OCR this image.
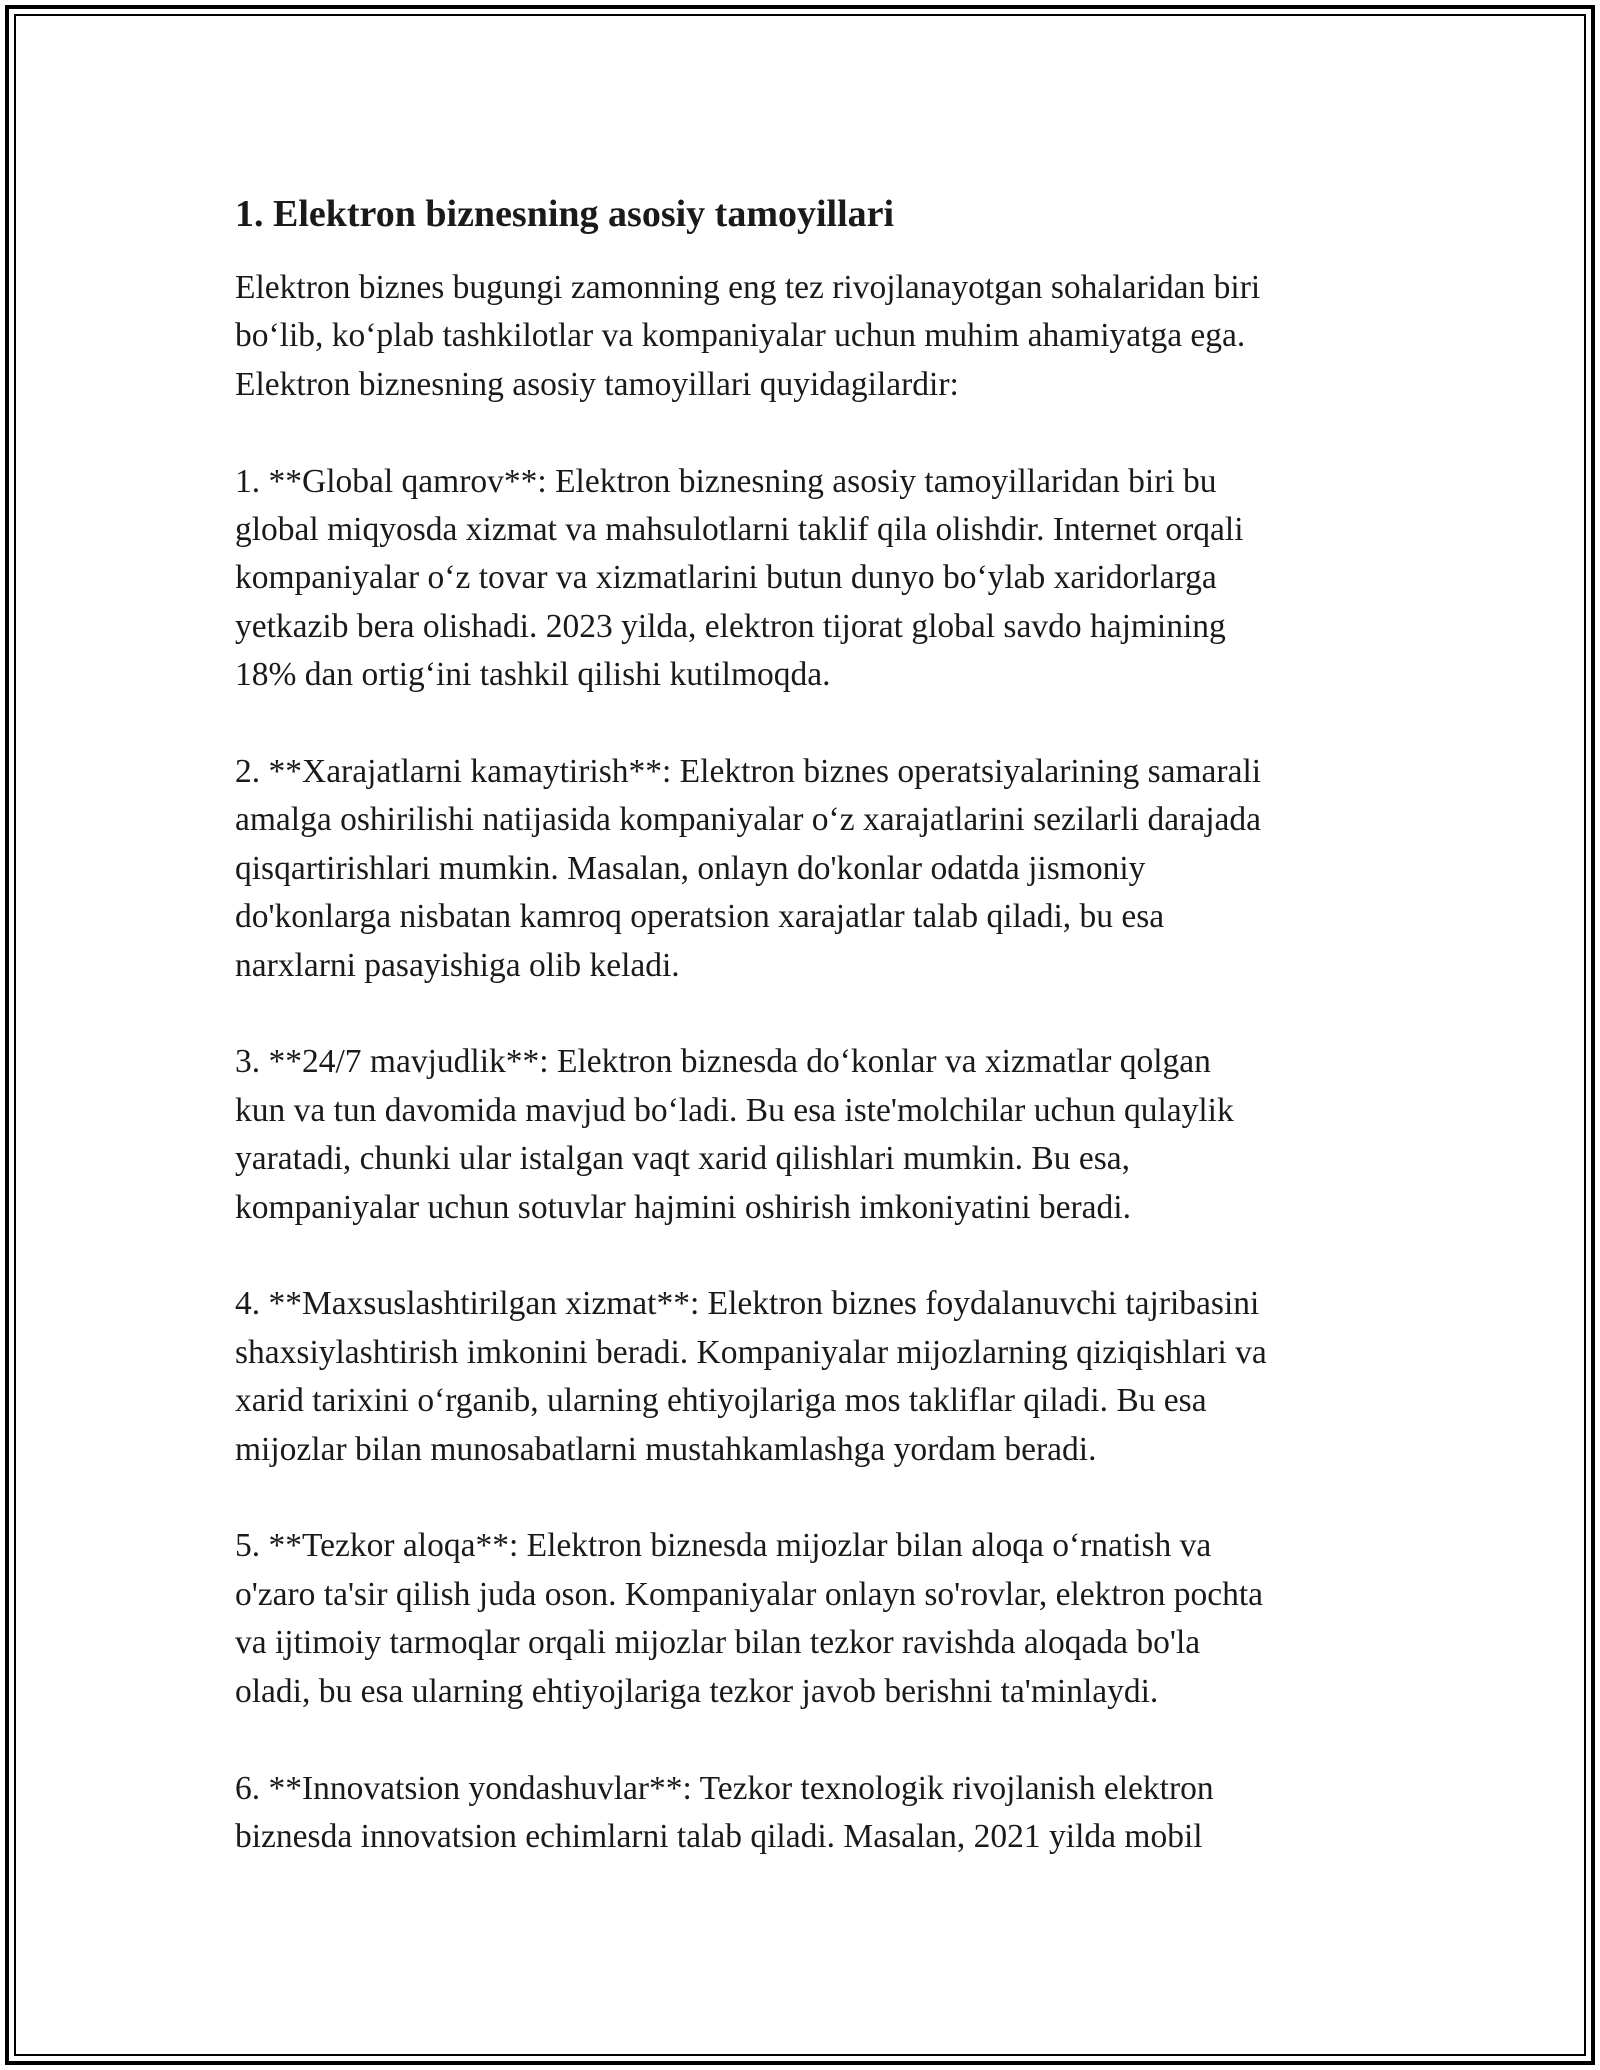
1. Elektron biznesning asosiy tamoyillari

Elektron biznes bugungi zamonning eng tez rivojlanayotgan sohalaridan biri
bo‘lib, ko‘plab tashkilotlar va kompaniyalar uchun muhim ahamiyatga ega.
Elektron biznesning asosiy tamoyillari quyidagilardir:

1. **Global qamrov**: Elektron biznesning asosiy tamoyillaridan biri bu
global miqyosda xizmat va mahsulotlarni taklif qila olishdir. Internet orqali
kompaniyalar o‘z tovar va xizmatlarini butun dunyo bo‘ylab xaridorlarga
yetkazib bera olishadi. 2023 yilda, elektron tijorat global savdo hajmining
18% dan ortig‘ini tashkil qilishi kutilmoqda.

2. **Xarajatlarni kamaytirish**: Elektron biznes operatsiyalarining samarali
amalga oshirilishi natijasida kompaniyalar o‘z xarajatlarini sezilarli darajada
qisqartirishlari mumkin. Masalan, onlayn do'konlar odatda jismoniy
do'konlarga nisbatan kamroq operatsion xarajatlar talab qiladi, bu esa
narxlarni pasayishiga olib keladi.

3. **24/7 mavjudlik**: Elektron biznesda do‘konlar va xizmatlar qolgan
kun va tun davomida mavjud bo‘ladi. Bu esa iste'molchilar uchun qulaylik
yaratadi, chunki ular istalgan vaqt xarid qilishlari mumkin. Bu esa,
kompaniyalar uchun sotuvlar hajmini oshirish imkoniyatini beradi.

4. **Maxsuslashtirilgan xizmat**: Elektron biznes foydalanuvchi tajribasini
shaxsiylashtirish imkonini beradi. Kompaniyalar mijozlarning qiziqishlari va
xarid tarixini o‘rganib, ularning ehtiyojlariga mos takliflar qiladi. Bu esa
mijozlar bilan munosabatlarni mustahkamlashga yordam beradi.

5. **Tezkor aloqa**: Elektron biznesda mijozlar bilan aloqa o‘rnatish va
o'zaro ta'sir qilish juda oson. Kompaniyalar onlayn so'rovlar, elektron pochta
va ijtimoiy tarmoqlar orqali mijozlar bilan tezkor ravishda aloqada bo'la
oladi, bu esa ularning ehtiyojlariga tezkor javob berishni ta'minlaydi.

6. **Innovatsion yondashuvlar**: Tezkor texnologik rivojlanish elektron
biznesda innovatsion echimlarni talab qiladi. Masalan, 2021 yilda mobil
